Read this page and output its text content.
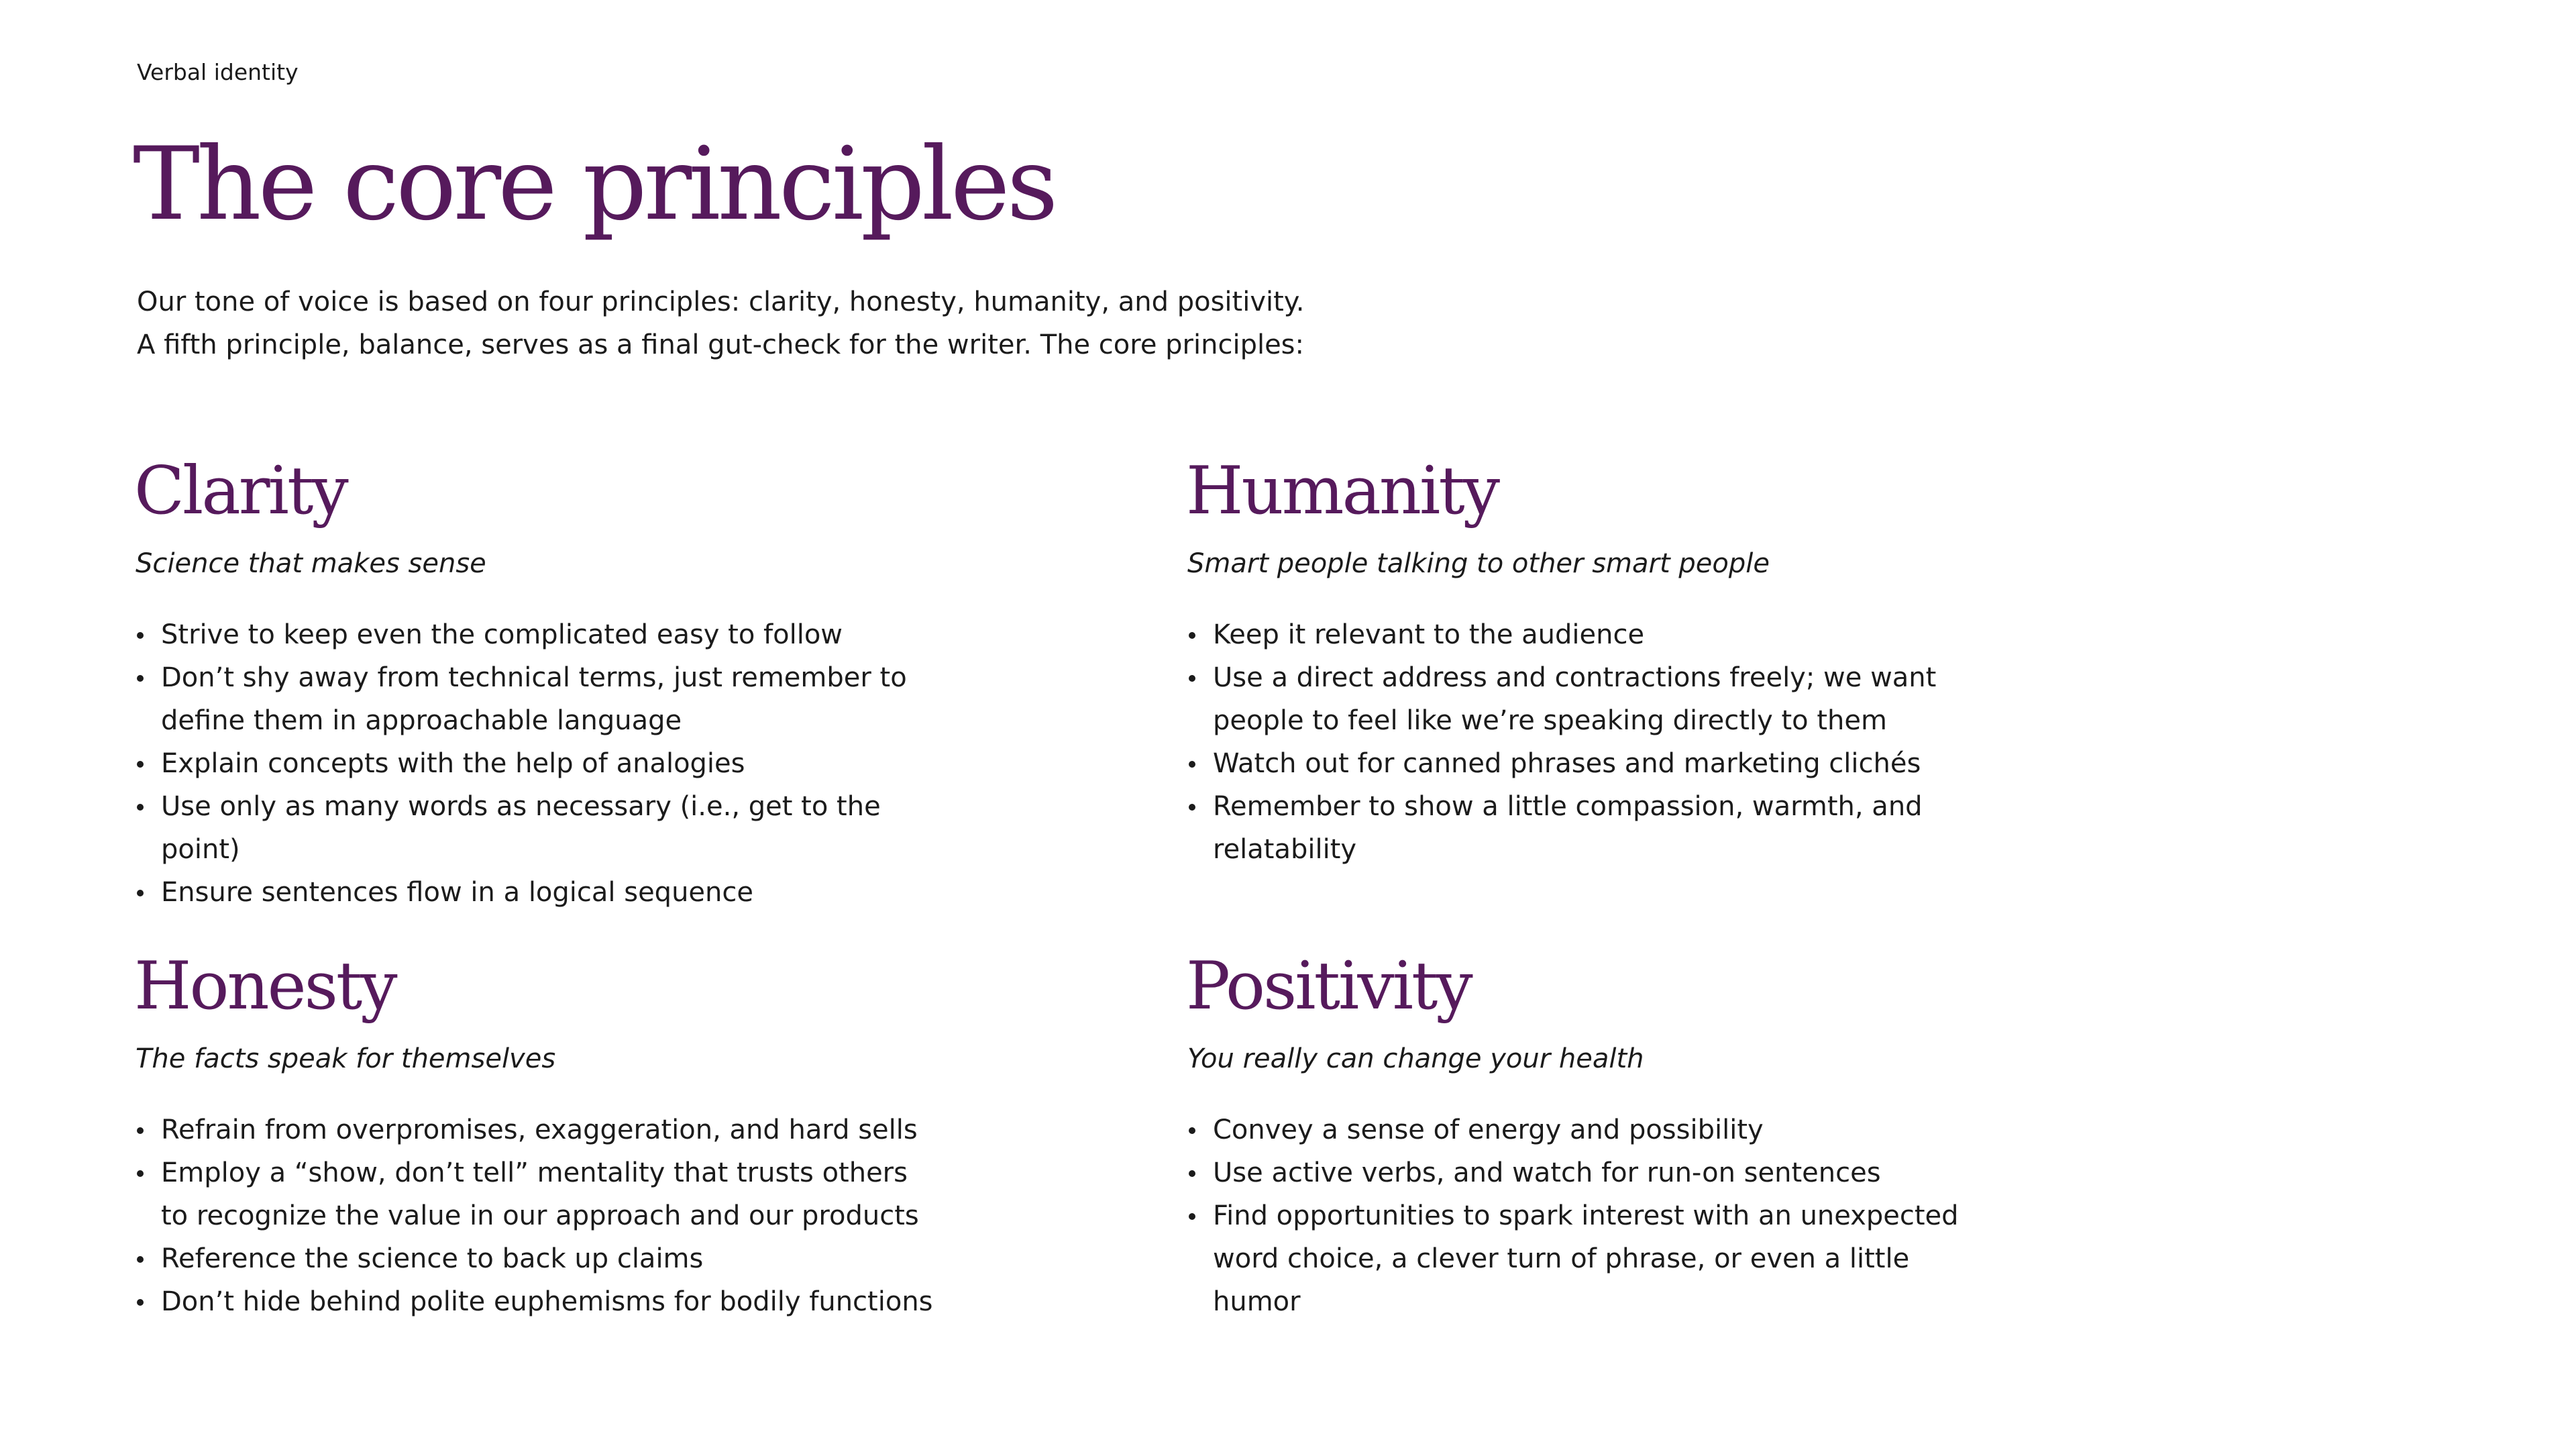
Verbal identity
The core principles

Our tone of voice is based on four principles: clarity, honesty, humanity, and positivity.

A fifth principle, balance, serves as a final gut-check for the writer. The core principles:

Clarity
Science that makes sense
Strive to keep even the complicated easy to follow
Don’t shy away from technical terms, just remember to define them in approachable language
Explain concepts with the help of analogies
Use only as many words as necessary (i.e., get to the point)
Ensure sentences flow in a logical sequence
Humanity
Smart people talking to other smart people
Keep it relevant to the audience
Use a direct address and contractions freely; we want people to feel like we’re speaking directly to them
Watch out for canned phrases and marketing clichés
Remember to show a little compassion, warmth, and relatability
Honesty
The facts speak for themselves
Refrain from overpromises, exaggeration, and hard sells
Employ a “show, don’t tell” mentality that trusts others to recognize the value in our approach and our products
Reference the science to back up claims
Don’t hide behind polite euphemisms for bodily functions
Positivity
You really can change your health
Convey a sense of energy and possibility
Use active verbs, and watch for run-on sentences
Find opportunities to spark interest with an unexpected word choice, a clever turn of phrase, or even a little humor
